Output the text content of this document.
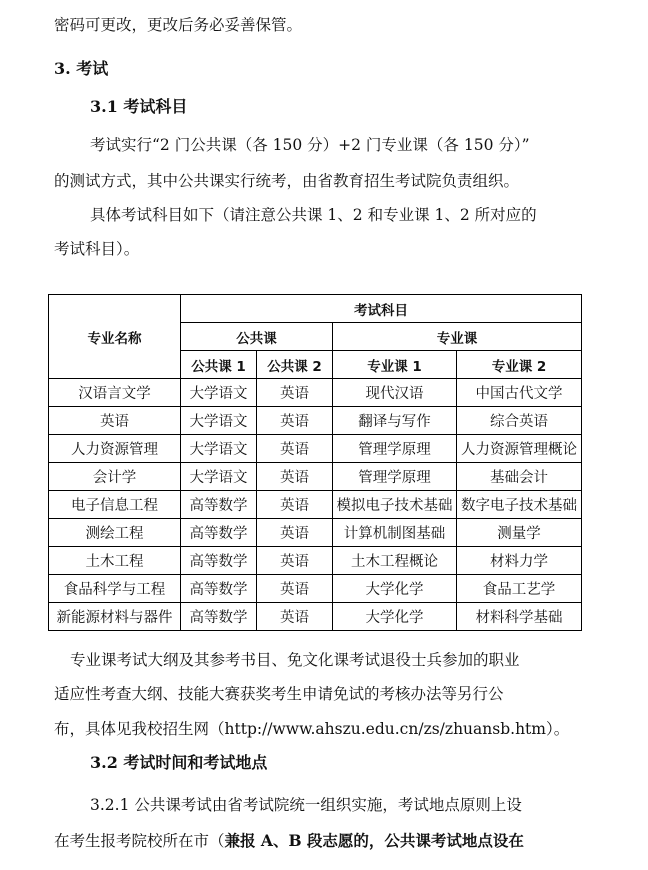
密码可更改，更改后务必妥善保管。
3. 考试
3.1 考试科目
考试实行“2 门公共课（各 150 分）+2 门专业课（各 150 分）”
的测试方式，其中公共课实行统考，由省教育招生考试院负责组织。
具体考试科目如下（请注意公共课 1、2 和专业课 1、2 所对应的
考试科目）。
专业名称	考试科目			
	公共课		专业课	
	公共课 1	公共课 2	专业课 1	专业课 2
汉语言文学	大学语文	英语	现代汉语	中国古代文学
英语	大学语文	英语	翻译与写作	综合英语
人力资源管理	大学语文	英语	管理学原理	人力资源管理概论
会计学	大学语文	英语	管理学原理	基础会计
电子信息工程	高等数学	英语	模拟电子技术基础	数字电子技术基础
测绘工程	高等数学	英语	计算机制图基础	测量学
土木工程	高等数学	英语	土木工程概论	材料力学
食品科学与工程	高等数学	英语	大学化学	食品工艺学
新能源材料与器件	高等数学	英语	大学化学	材料科学基础
专业课考试大纲及其参考书目、免文化课考试退役士兵参加的职业
适应性考查大纲、技能大赛获奖考生申请免试的考核办法等另行公
布，具体见我校招生网（http://www.ahszu.edu.cn/zs/zhuansb.htm）。
3.2 考试时间和考试地点
3.2.1 公共课考试由省考试院统一组织实施，考试地点原则上设
在考生报考院校所在市（兼报 A、B 段志愿的，公共课考试地点设在
